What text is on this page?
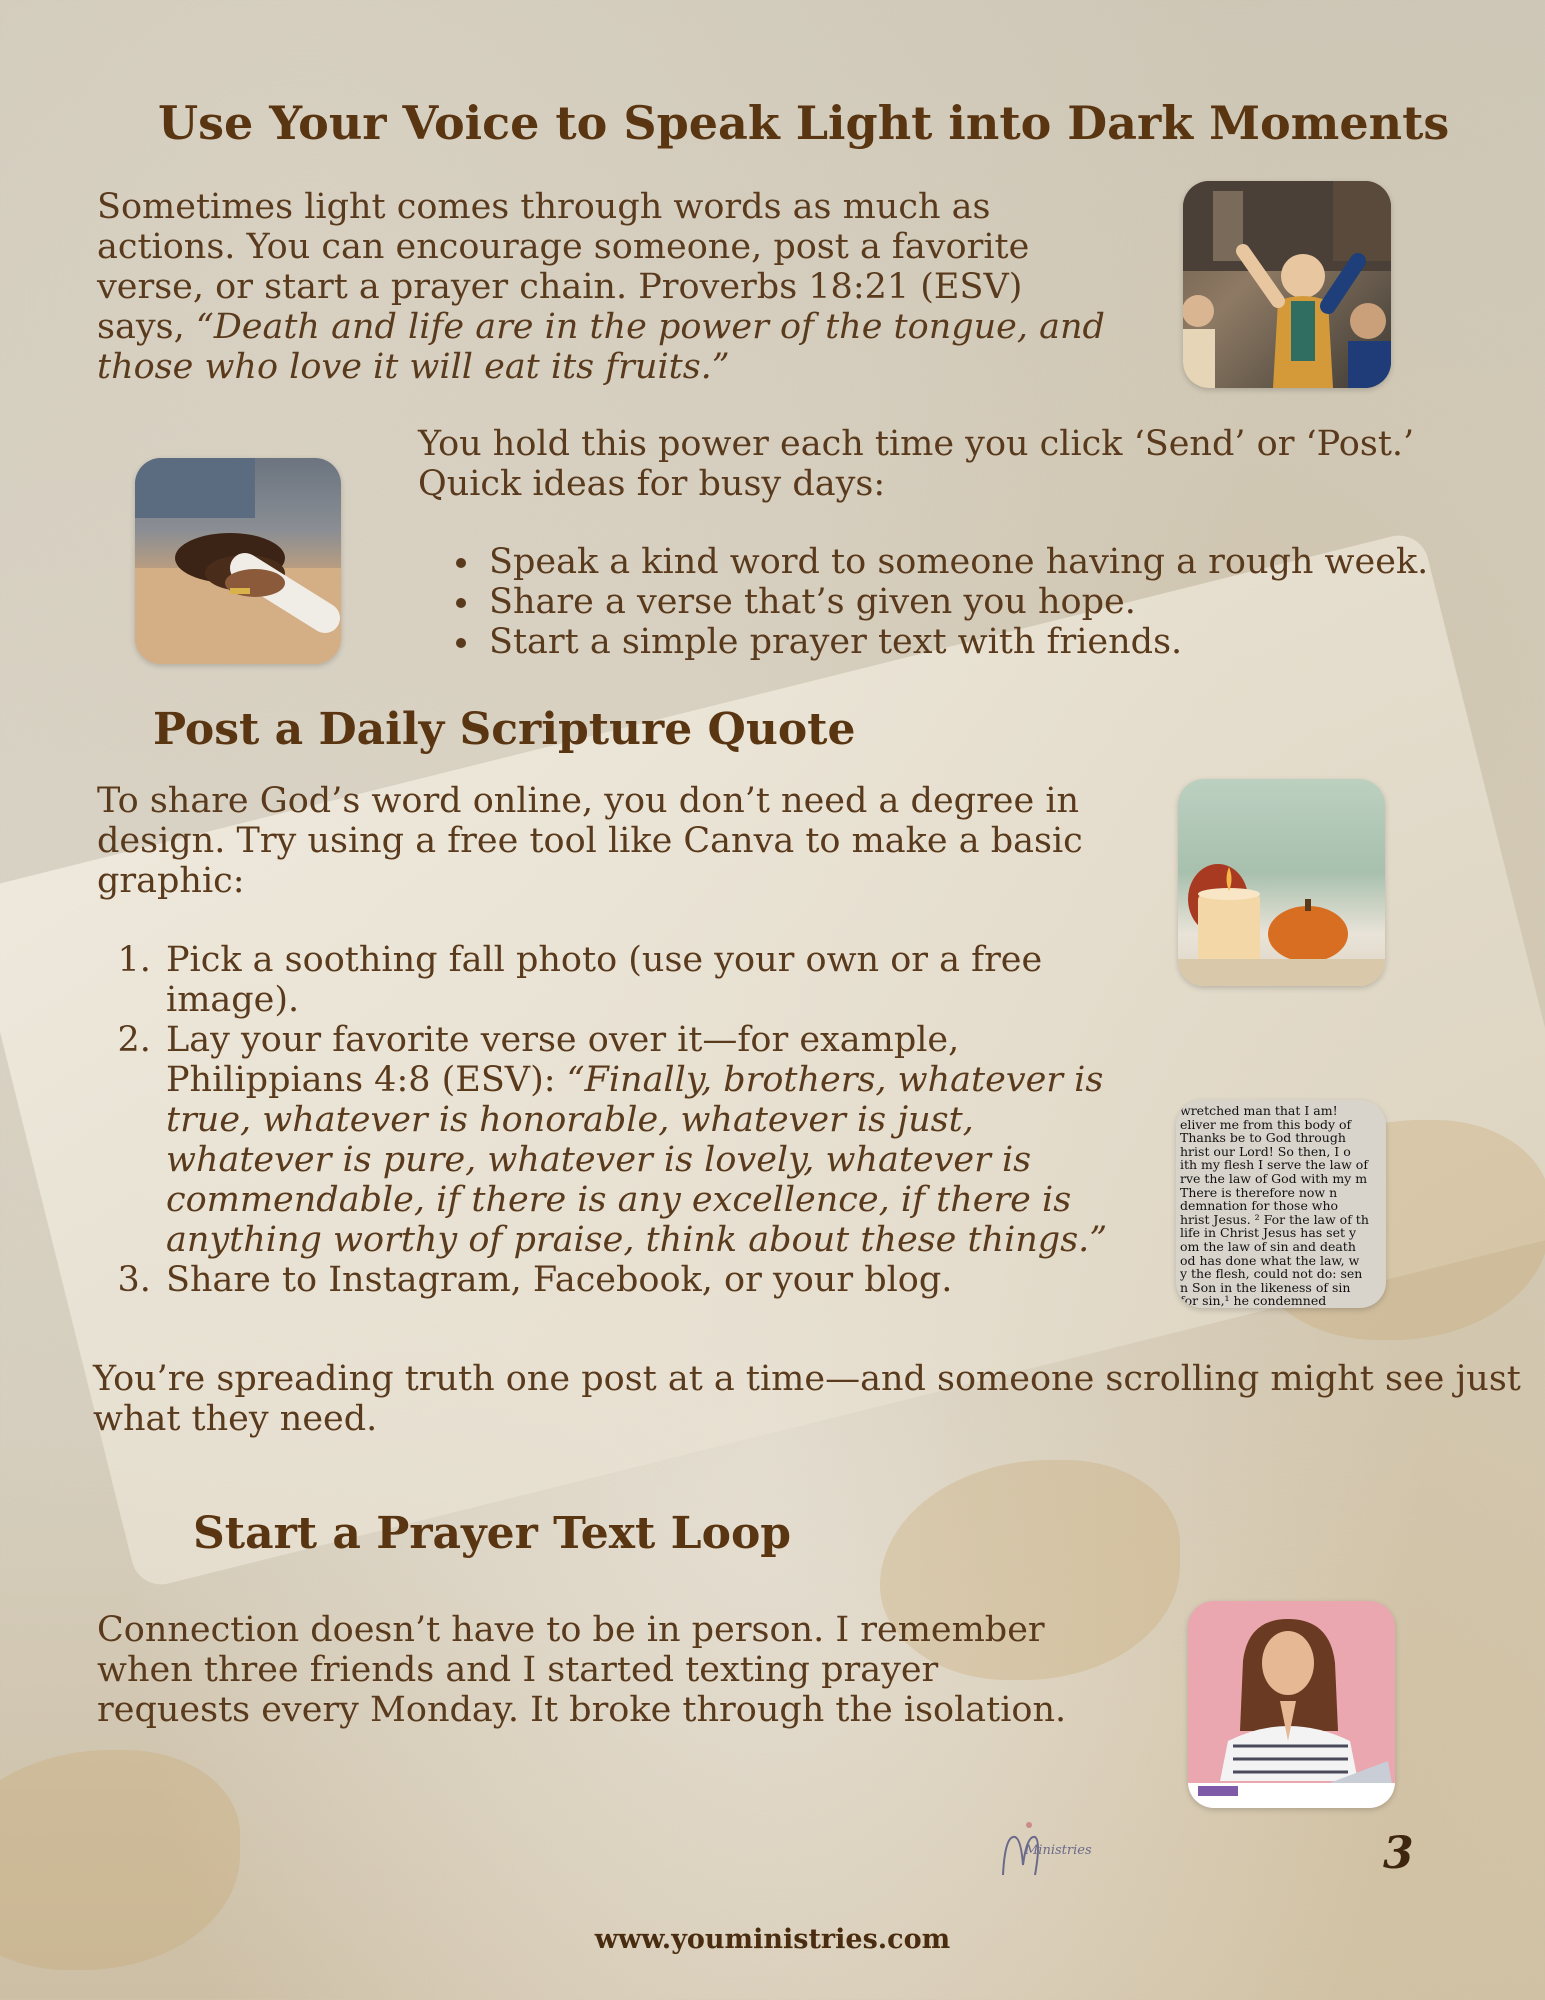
Use Your Voice to Speak Light into Dark Moments

Sometimes light comes through words as much as actions. You can encourage someone, post a favorite verse, or start a prayer chain. Proverbs 18:21 (ESV) says, “Death and life are in the power of the tongue, and those who love it will eat its fruits.”

You hold this power each time you click ‘Send’ or ‘Post.’ Quick ideas for busy days:

• Speak a kind word to someone having a rough week.
• Share a verse that’s given you hope.
• Start a simple prayer text with friends.
Post a Daily Scripture Quote

To share God’s word online, you don’t need a degree in design. Try using a free tool like Canva to make a basic graphic:

1. Pick a soothing fall photo (use your own or a free image).
2. Lay your favorite verse over it—for example, Philippians 4:8 (ESV): “Finally, brothers, whatever is true, whatever is honorable, whatever is just, whatever is pure, whatever is lovely, whatever is commendable, if there is any excellence, if there is anything worthy of praise, think about these things.”
3. Share to Instagram, Facebook, or your blog.
wretched man that I am!
eliver me from this body of
Thanks be to God through
hrist our Lord! So then, I o
ith my flesh I serve the law of
rve the law of God with my m
There is therefore now n
demnation for those who
hrist Jesus. ² For the law of th
life in Christ Jesus has set y
om the law of sin and death
od has done what the law, w
y the flesh, could not do: sen
n Son in the likeness of sin
for sin,¹ he condemned

You’re spreading truth one post at a time—and someone scrolling might see just what they need.

Start a Prayer Text Loop

Connection doesn’t have to be in person. I remember when three friends and I started texting prayer requests every Monday. It broke through the isolation.

3
Ministries
www.youministries.com
